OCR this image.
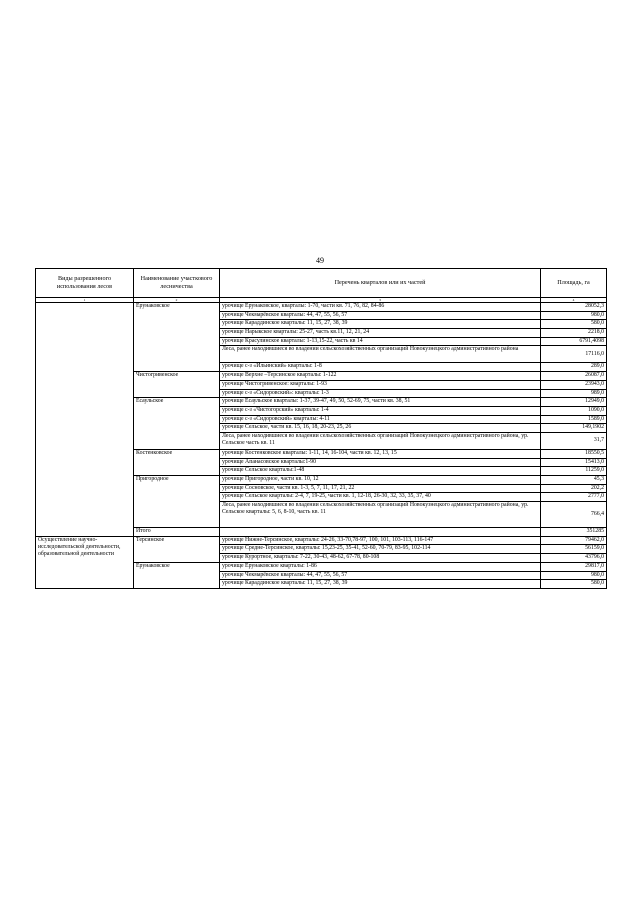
49
Виды разрешенного использования лесов	Наименование участкового лесничества	Перечень кварталов или их частей	Площадь, га
1	2	3	4
	Ерунаковское	урочище Ерунаковское, кварталы: 1-70, части кв. 71, 76, 82, 84-86	28052,3
		урочище Чекмарёвское кварталы: 44, 47, 55, 56, 57	980,0
		урочище Караддинское кварталы: 11, 15, 27, 38, 39	580,0
		урочище Нарыкское кварталы: 25-27, часть кв.11, 12, 21, 24	2218,0
		урочище Красулинское кварталы: 1-13,15-22, часть кв 14	6791,4098
		Леса, ранее находившиеся во владении сельскохозяйственных организаций Новокузнецкого административного района	17116,0
		урочище с-з «Ильинский» кварталы: 1-8	289,0
	Чистогривенское	урочище Верхне –Терсинское кварталы: 1-122	26087,0
		урочище Чистогривенское: кварталы: 1-93	23943,0
		урочище с-з «Сидоровский»: кварталы: 1-3	989,0
	Есаульское	урочище Есаульское кварталы: 1-37, 39-47, 49, 50, 52-69, 75, части кв. 38, 51	12949,0
		урочище с-з «Чистогорский» кварталы: 1-4	1090,0
		урочище с-з «Сидоровский» кварталы: 4-11	1589,0
		урочище Сельское, части кв. 15, 16, 18, 20-23, 25, 26	149,1902
		Леса, ранее находившиеся во владении сельскохозяйственных организаций Новокузнецкого административного района, ур. Сельское часть кв. 11	31,7
	Костенковское	урочище Костенковское кварталы: 1-11, 14, 16-104, части кв. 12, 13, 15	18550,5
		урочище Апанасовское кварталы:1-90	15413,0
		урочище Сельское кварталы:1-48	11259,0
	Пригородное	урочище Пригородное, части кв. 10, 12	45,3
		урочище Сосновское, части кв. 1-3, 5, 7, 11, 17, 21, 22	202,2
		урочище Сельское кварталы: 2-4, 7, 19-25, части кв. 1, 12-18, 26-30, 32, 33, 35, 37, 40	2777,0
		Леса, ранее находившиеся во владении сельскохозяйственных организаций Новокузнецкого административного района, ур. Сельское кварталы: 5, 6, 8-10, часть кв. 11	766,4
	Итого		351285
Осуществление научно-исследовательской деятельности, образовательной деятельности	Терсинское	урочище Нижне-Терсинское, кварталы: 24-26, 33-70,78-97, 100, 101, 103-113, 116-147	79462,0
		урочище Средне-Терсинское, кварталы: 15,23-25, 35-41, 52-60, 70-79, 83-95, 102-114	56159,0
		урочище Курортное, кварталы: 7-22, 30-43, 48-62, 67-78, 80-108	43796,0
	Ерунаковское	урочище Ерунаковское кварталы: 1-86	29817,0
		урочище Чекмарёвское кварталы: 44, 47, 55, 56, 57	980,0
		урочище Караддинское кварталы: 11, 15, 27, 38, 39	580,0
